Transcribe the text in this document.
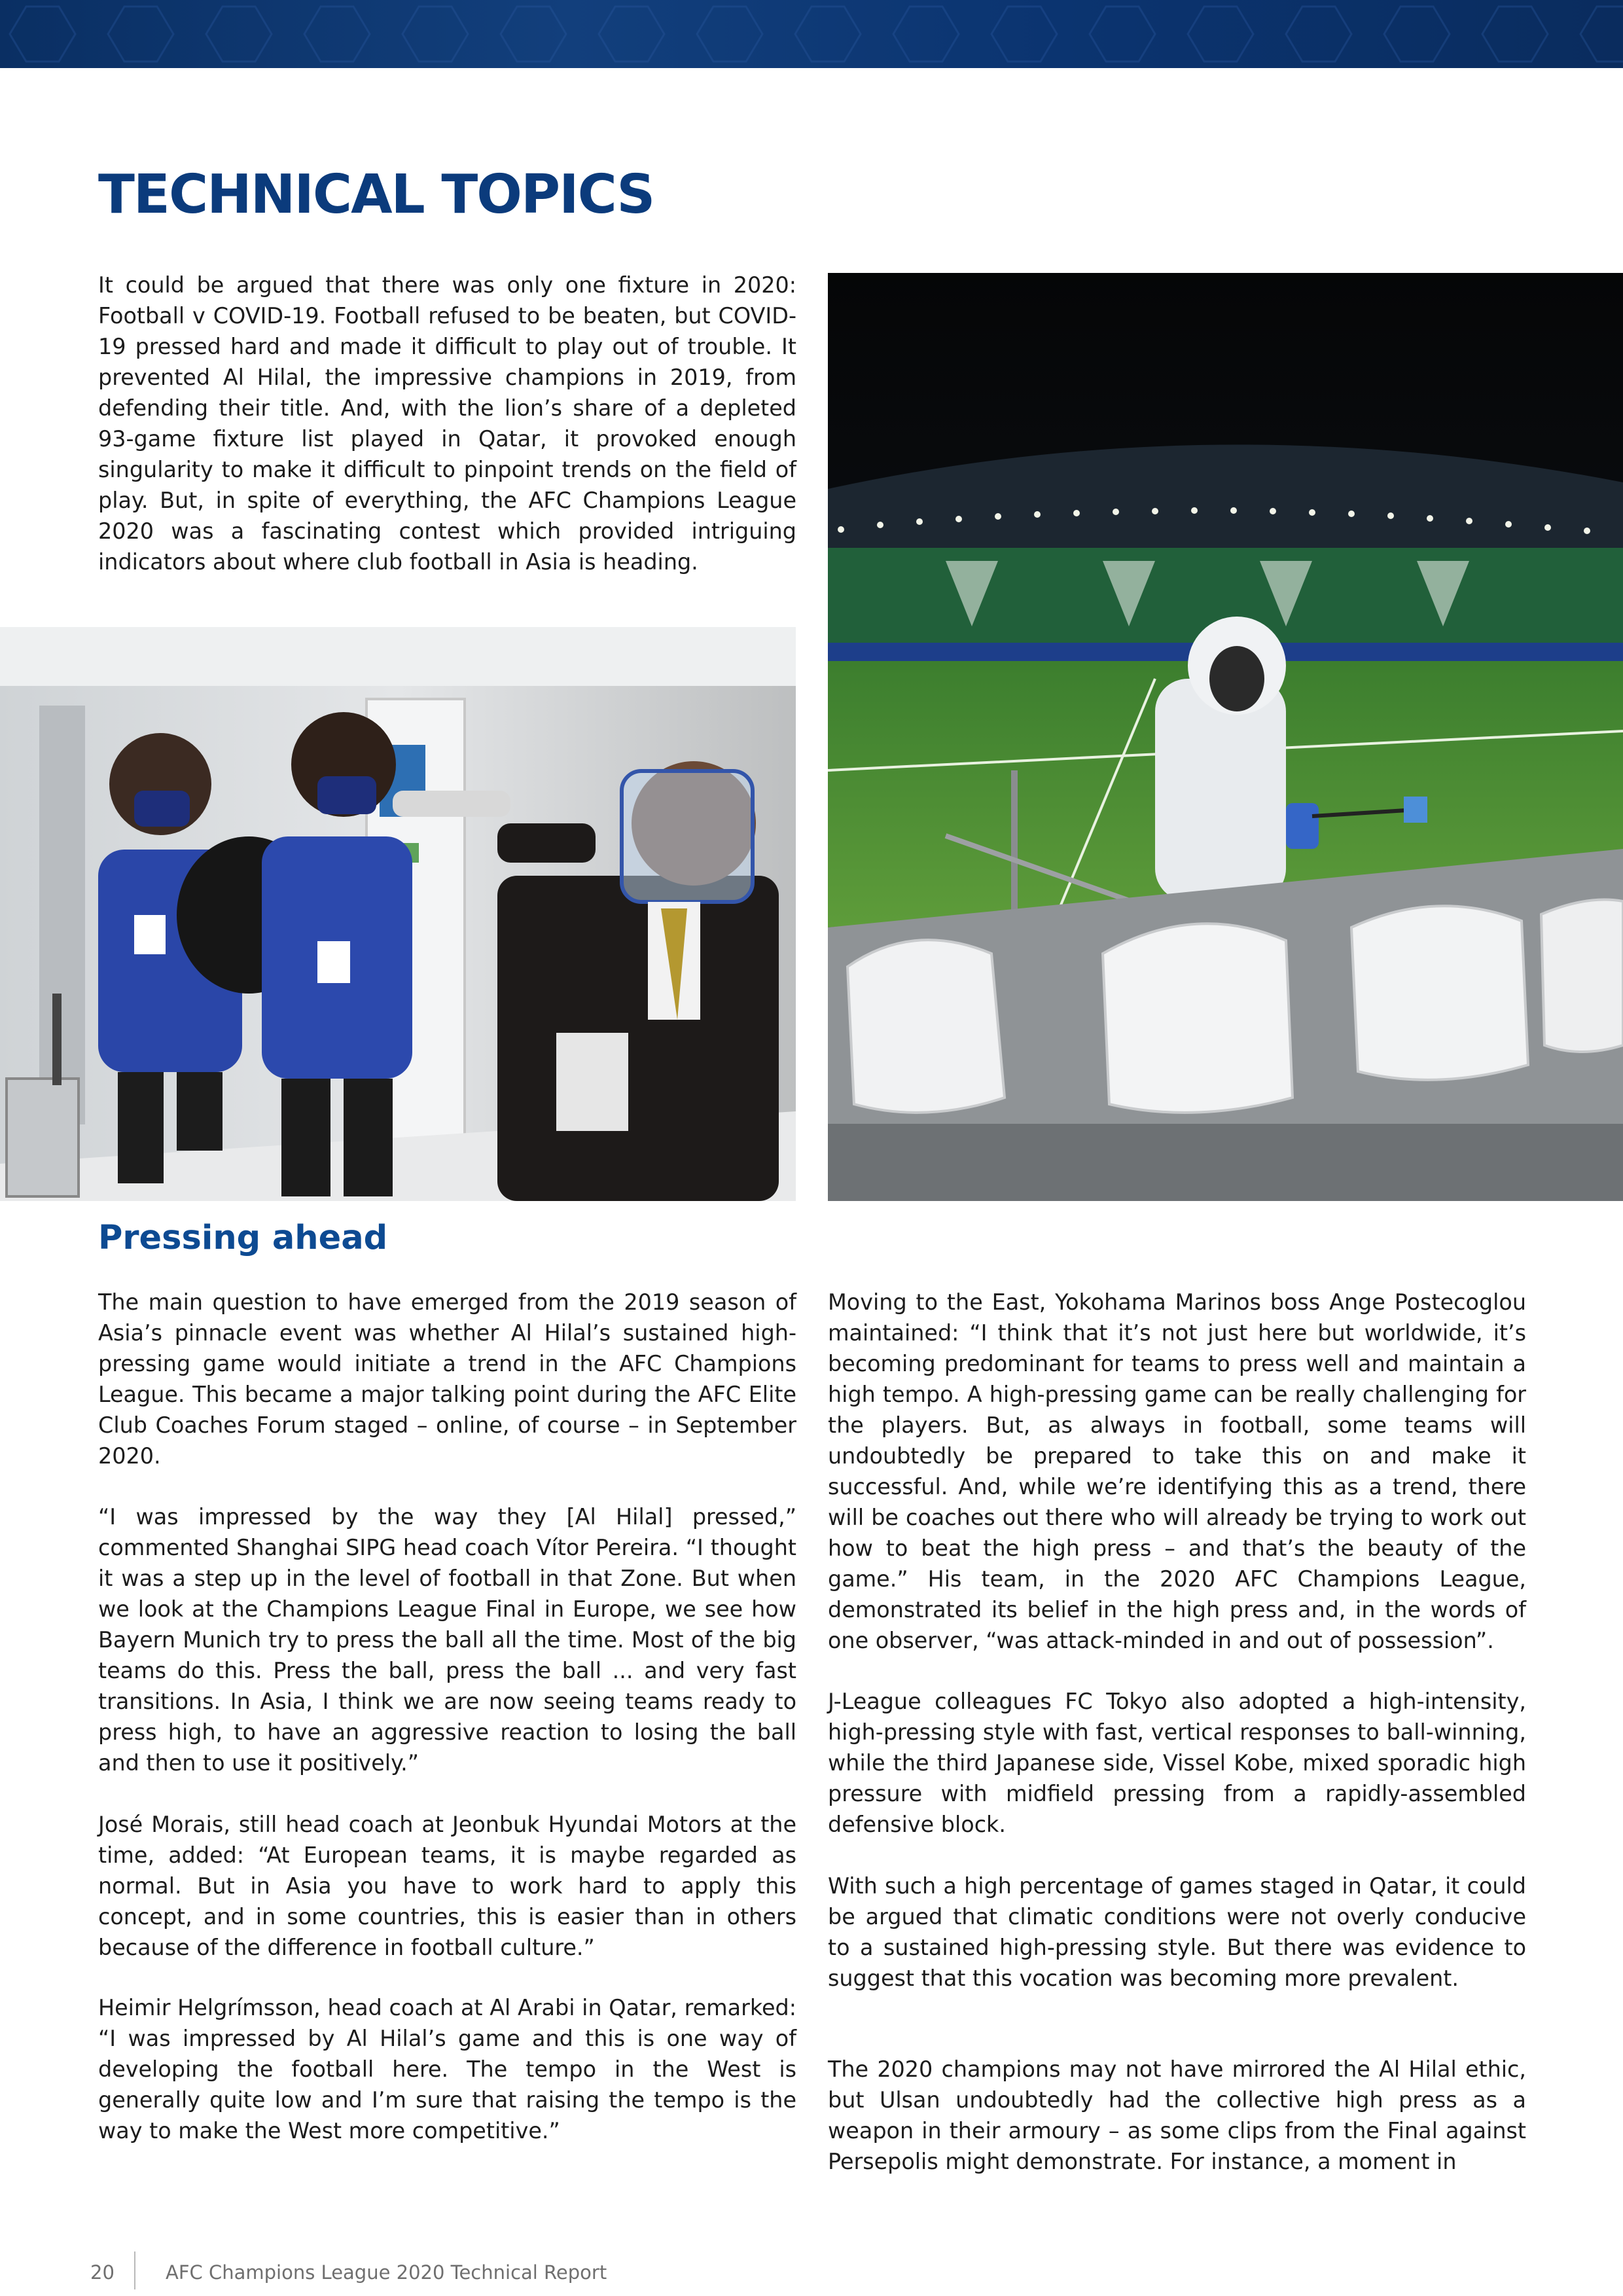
TECHNICAL TOPICS

It could be argued that there was only one fixture in 2020: Football v COVID-19. Football refused to be beaten, but COVID-19 pressed hard and made it difficult to play out of trouble. It prevented Al Hilal, the impressive champions in 2019, from defending their title. And, with the lion’s share of a depleted 93-game fixture list played in Qatar, it provoked enough singularity to make it difficult to pinpoint trends on the field of play. But, in spite of everything, the AFC Champions League 2020 was a fascinating contest which provided intriguing indicators about where club football in Asia is heading.

Pressing ahead

The main question to have emerged from the 2019 season of Asia’s pinnacle event was whether Al Hilal’s sustained high-pressing game would initiate a trend in the AFC Champions League. This became a major talking point during the AFC Elite Club Coaches Forum staged – online, of course – in September 2020.

“I was impressed by the way they [Al Hilal] pressed,” commented Shanghai SIPG head coach Vítor Pereira. “I thought it was a step up in the level of football in that Zone. But when we look at the Champions League Final in Europe, we see how Bayern Munich try to press the ball all the time. Most of the big teams do this. Press the ball, press the ball ... and very fast transitions. In Asia, I think we are now seeing teams ready to press high, to have an aggressive reaction to losing the ball and then to use it positively.”

José Morais, still head coach at Jeonbuk Hyundai Motors at the time, added: “At European teams, it is maybe regarded as normal. But in Asia you have to work hard to apply this concept, and in some countries, this is easier than in others because of the difference in football culture.”

Heimir Helgrímsson, head coach at Al Arabi in Qatar, remarked: “I was impressed by Al Hilal’s game and this is one way of developing the football here. The tempo in the West is generally quite low and I’m sure that raising the tempo is the way to make the West more competitive.”

Moving to the East, Yokohama Marinos boss Ange Postecoglou maintained: “I think that it’s not just here but worldwide, it’s becoming predominant for teams to press well and maintain a high tempo. A high-pressing game can be really challenging for the players. But, as always in football, some teams will undoubtedly be prepared to take this on and make it successful. And, while we’re identifying this as a trend, there will be coaches out there who will already be trying to work out how to beat the high press – and that’s the beauty of the game.” His team, in the 2020 AFC Champions League, demonstrated its belief in the high press and, in the words of one observer, “was attack-minded in and out of possession”.

J-League colleagues FC Tokyo also adopted a high-intensity, high-pressing style with fast, vertical responses to ball-winning, while the third Japanese side, Vissel Kobe, mixed sporadic high pressure with midfield pressing from a rapidly-assembled defensive block.

With such a high percentage of games staged in Qatar, it could be argued that climatic conditions were not overly conducive to a sustained high-pressing style. But there was evidence to suggest that this vocation was becoming more prevalent.

The 2020 champions may not have mirrored the Al Hilal ethic, but Ulsan undoubtedly had the collective high press as a weapon in their armoury – as some clips from the Final against Persepolis might demonstrate. For instance, a moment in

20	AFC Champions League 2020 Technical Report
